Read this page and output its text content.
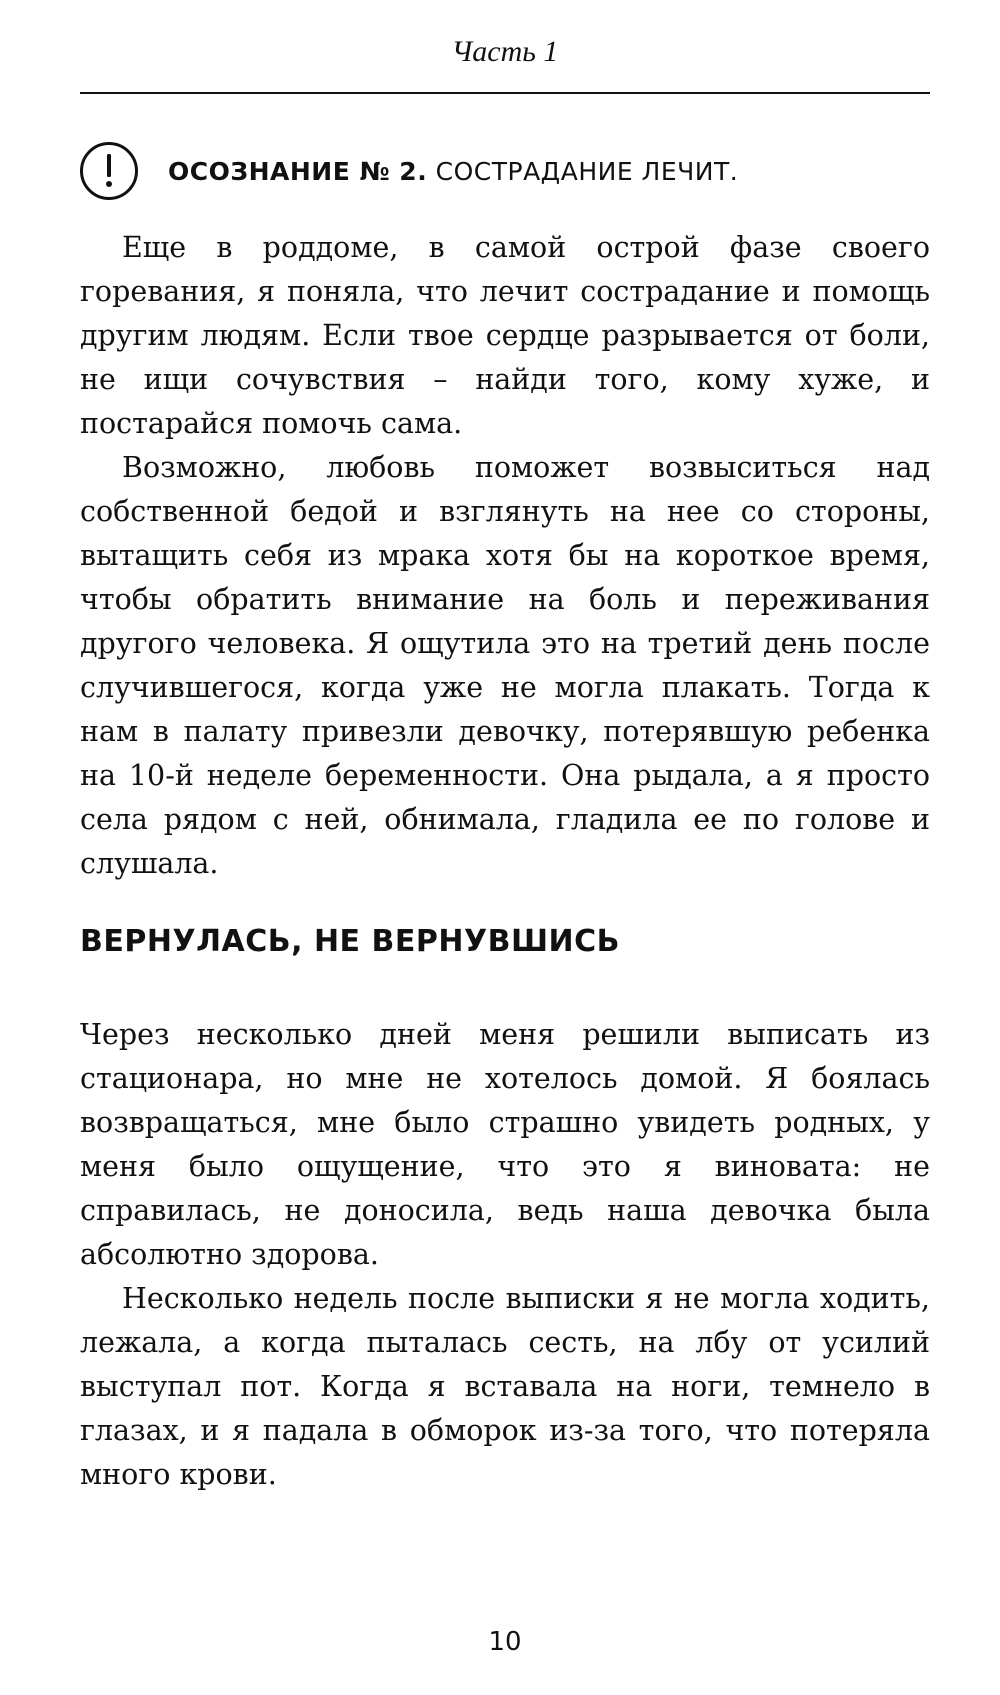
Часть 1
ОСОЗНАНИЕ № 2. СОСТРАДАНИЕ ЛЕЧИТ.

Еще в роддоме, в самой острой фазе своего горевания, я поняла, что лечит сострадание и помощь другим людям. Если твое сердце разрывается от боли, не ищи сочувствия – найди того, кому хуже, и постарайся помочь сама.

Возможно, любовь поможет возвыситься над собственной бедой и взглянуть на нее со стороны, вытащить себя из мрака хотя бы на короткое время, чтобы обратить внимание на боль и переживания другого человека. Я ощутила это на третий день после случившегося, когда уже не могла плакать. Тогда к нам в палату привезли девочку, потерявшую ребенка на 10-й неделе беременности. Она рыдала, а я просто села рядом с ней, обнимала, гладила ее по голове и слушала.

ВЕРНУЛАСЬ, НЕ ВЕРНУВШИСЬ

Через несколько дней меня решили выписать из стационара, но мне не хотелось домой. Я боялась возвращаться, мне было страшно увидеть родных, у меня было ощущение, что это я виновата: не справилась, не доносила, ведь наша девочка была абсолютно здорова.

Несколько недель после выписки я не могла ходить, лежала, а когда пыталась сесть, на лбу от усилий выступал пот. Когда я вставала на ноги, темнело в глазах, и я падала в обморок из-за того, что потеряла много крови.

10
